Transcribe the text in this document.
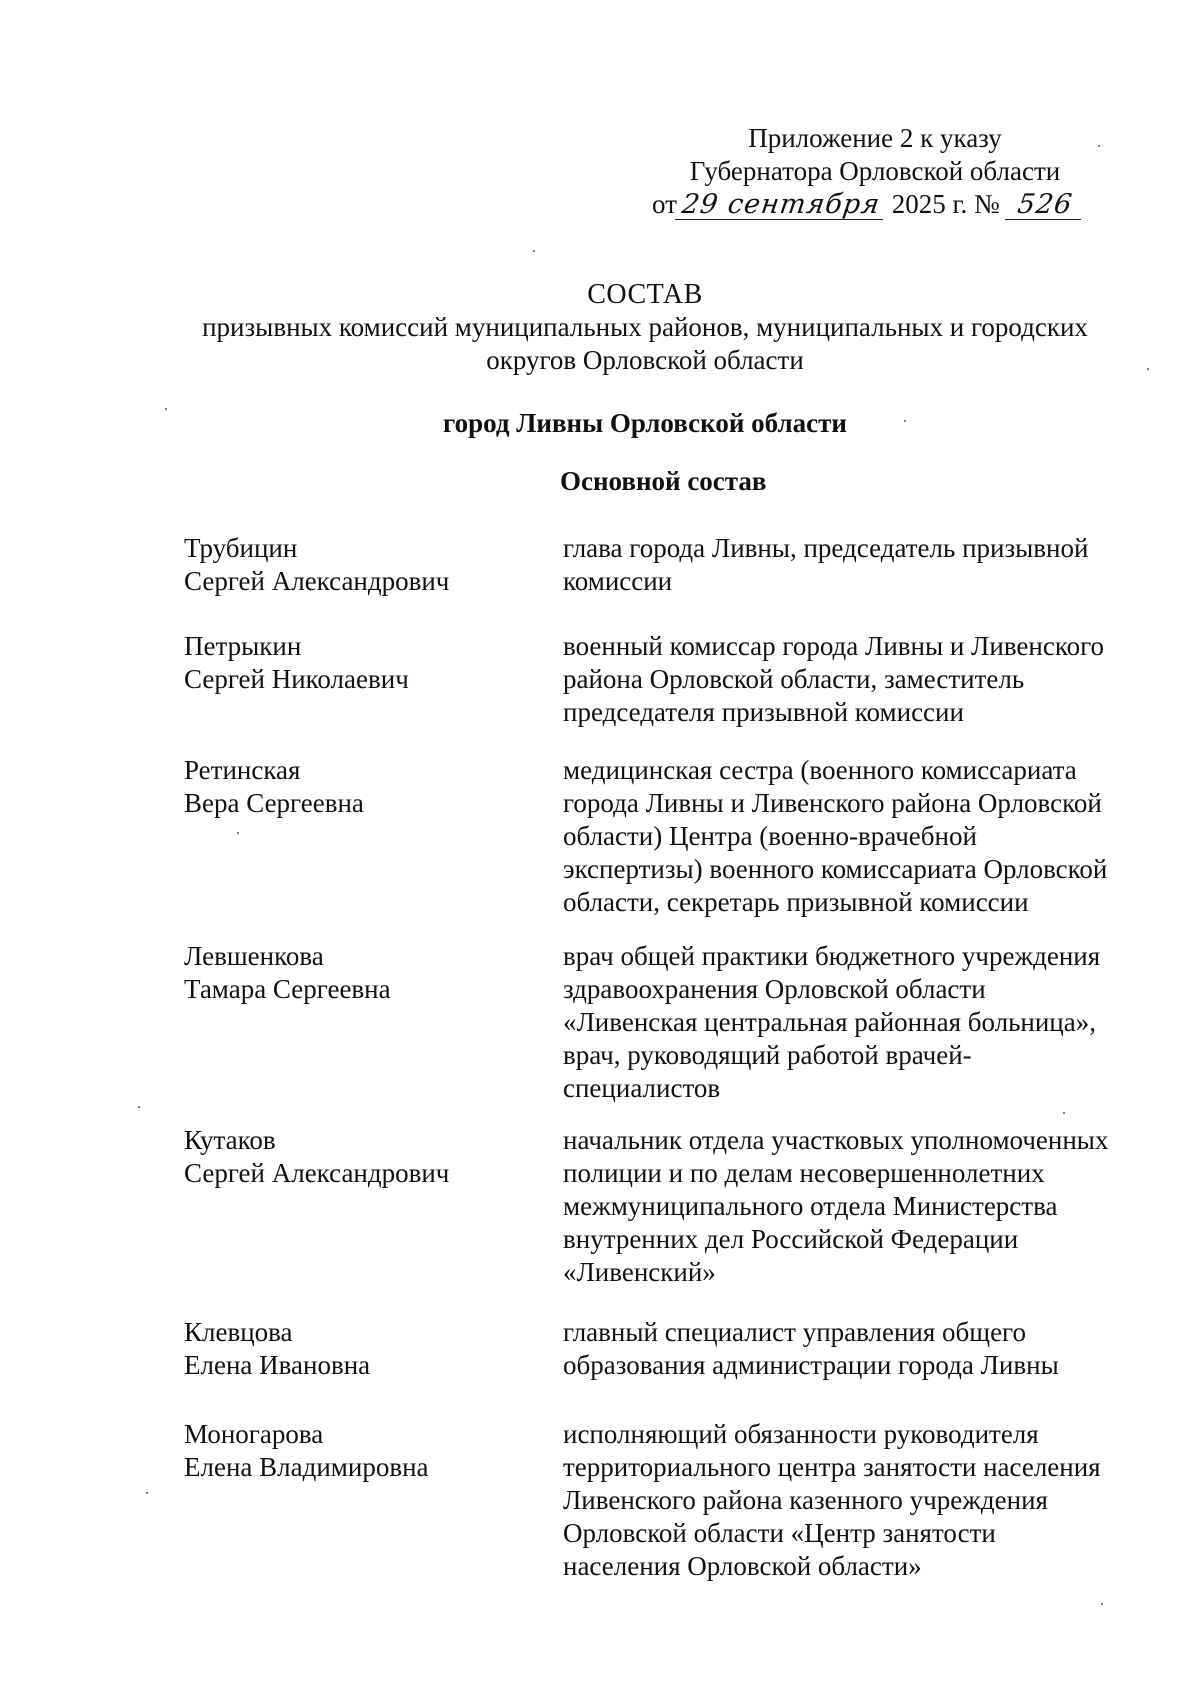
Приложение 2 к указу
Губернатора Орловской области
от 29 сентября 2025 г. № 526
СОСТАВ
призывных комиссий муниципальных районов, муниципальных и городских
округов Орловской области
город Ливны Орловской области
Основной состав
Трубицин
Сергей Александрович
глава города Ливны, председатель призывной
комиссии
Петрыкин
Сергей Николаевич
военный комиссар города Ливны и Ливенского
района Орловской области, заместитель
председателя призывной комиссии
Ретинская
Вера Сергеевна
медицинская сестра (военного комиссариата
города Ливны и Ливенского района Орловской
области) Центра (военно-врачебной
экспертизы) военного комиссариата Орловской
области, секретарь призывной комиссии
Левшенкова
Тамара Сергеевна
врач общей практики бюджетного учреждения
здравоохранения Орловской области
«Ливенская центральная районная больница»,
врач, руководящий работой врачей-
специалистов
Кутаков
Сергей Александрович
начальник отдела участковых уполномоченных
полиции и по делам несовершеннолетних
межмуниципального отдела Министерства
внутренних дел Российской Федерации
«Ливенский»
Клевцова
Елена Ивановна
главный специалист управления общего
образования администрации города Ливны
Моногарова
Елена Владимировна
исполняющий обязанности руководителя
территориального центра занятости населения
Ливенского района казенного учреждения
Орловской области «Центр занятости
населения Орловской области»
